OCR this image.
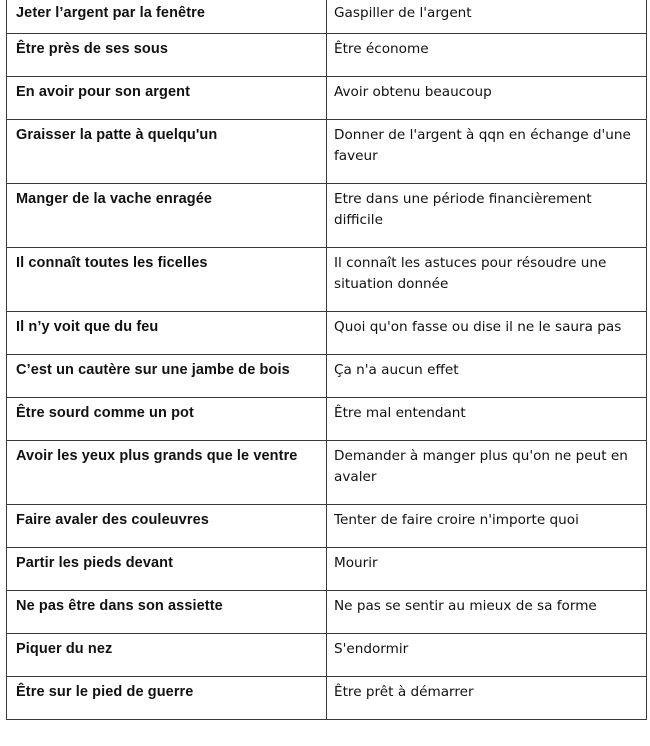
Jeter l’argent par la fenêtre	Gaspiller de l'argent
Être près de ses sous	Être économe
En avoir pour son argent	Avoir obtenu beaucoup
Graisser la patte à quelqu'un	Donner de l'argent à qqn en échange d'une faveur
Manger de la vache enragée	Etre dans une période financièrement difficile
Il connaît toutes les ficelles	Il connaît les astuces pour résoudre une situation donnée
Il n’y voit que du feu	Quoi qu'on fasse ou dise il ne le saura pas
C’est un cautère sur une jambe de bois	Ça n'a aucun effet
Être sourd comme un pot	Être mal entendant
Avoir les yeux plus grands que le ventre	Demander à manger plus qu'on ne peut en avaler
Faire avaler des couleuvres	Tenter de faire croire n'importe quoi
Partir les pieds devant	Mourir
Ne pas être dans son assiette	Ne pas se sentir au mieux de sa forme
Piquer du nez	S'endormir
Être sur le pied de guerre	Être prêt à démarrer
